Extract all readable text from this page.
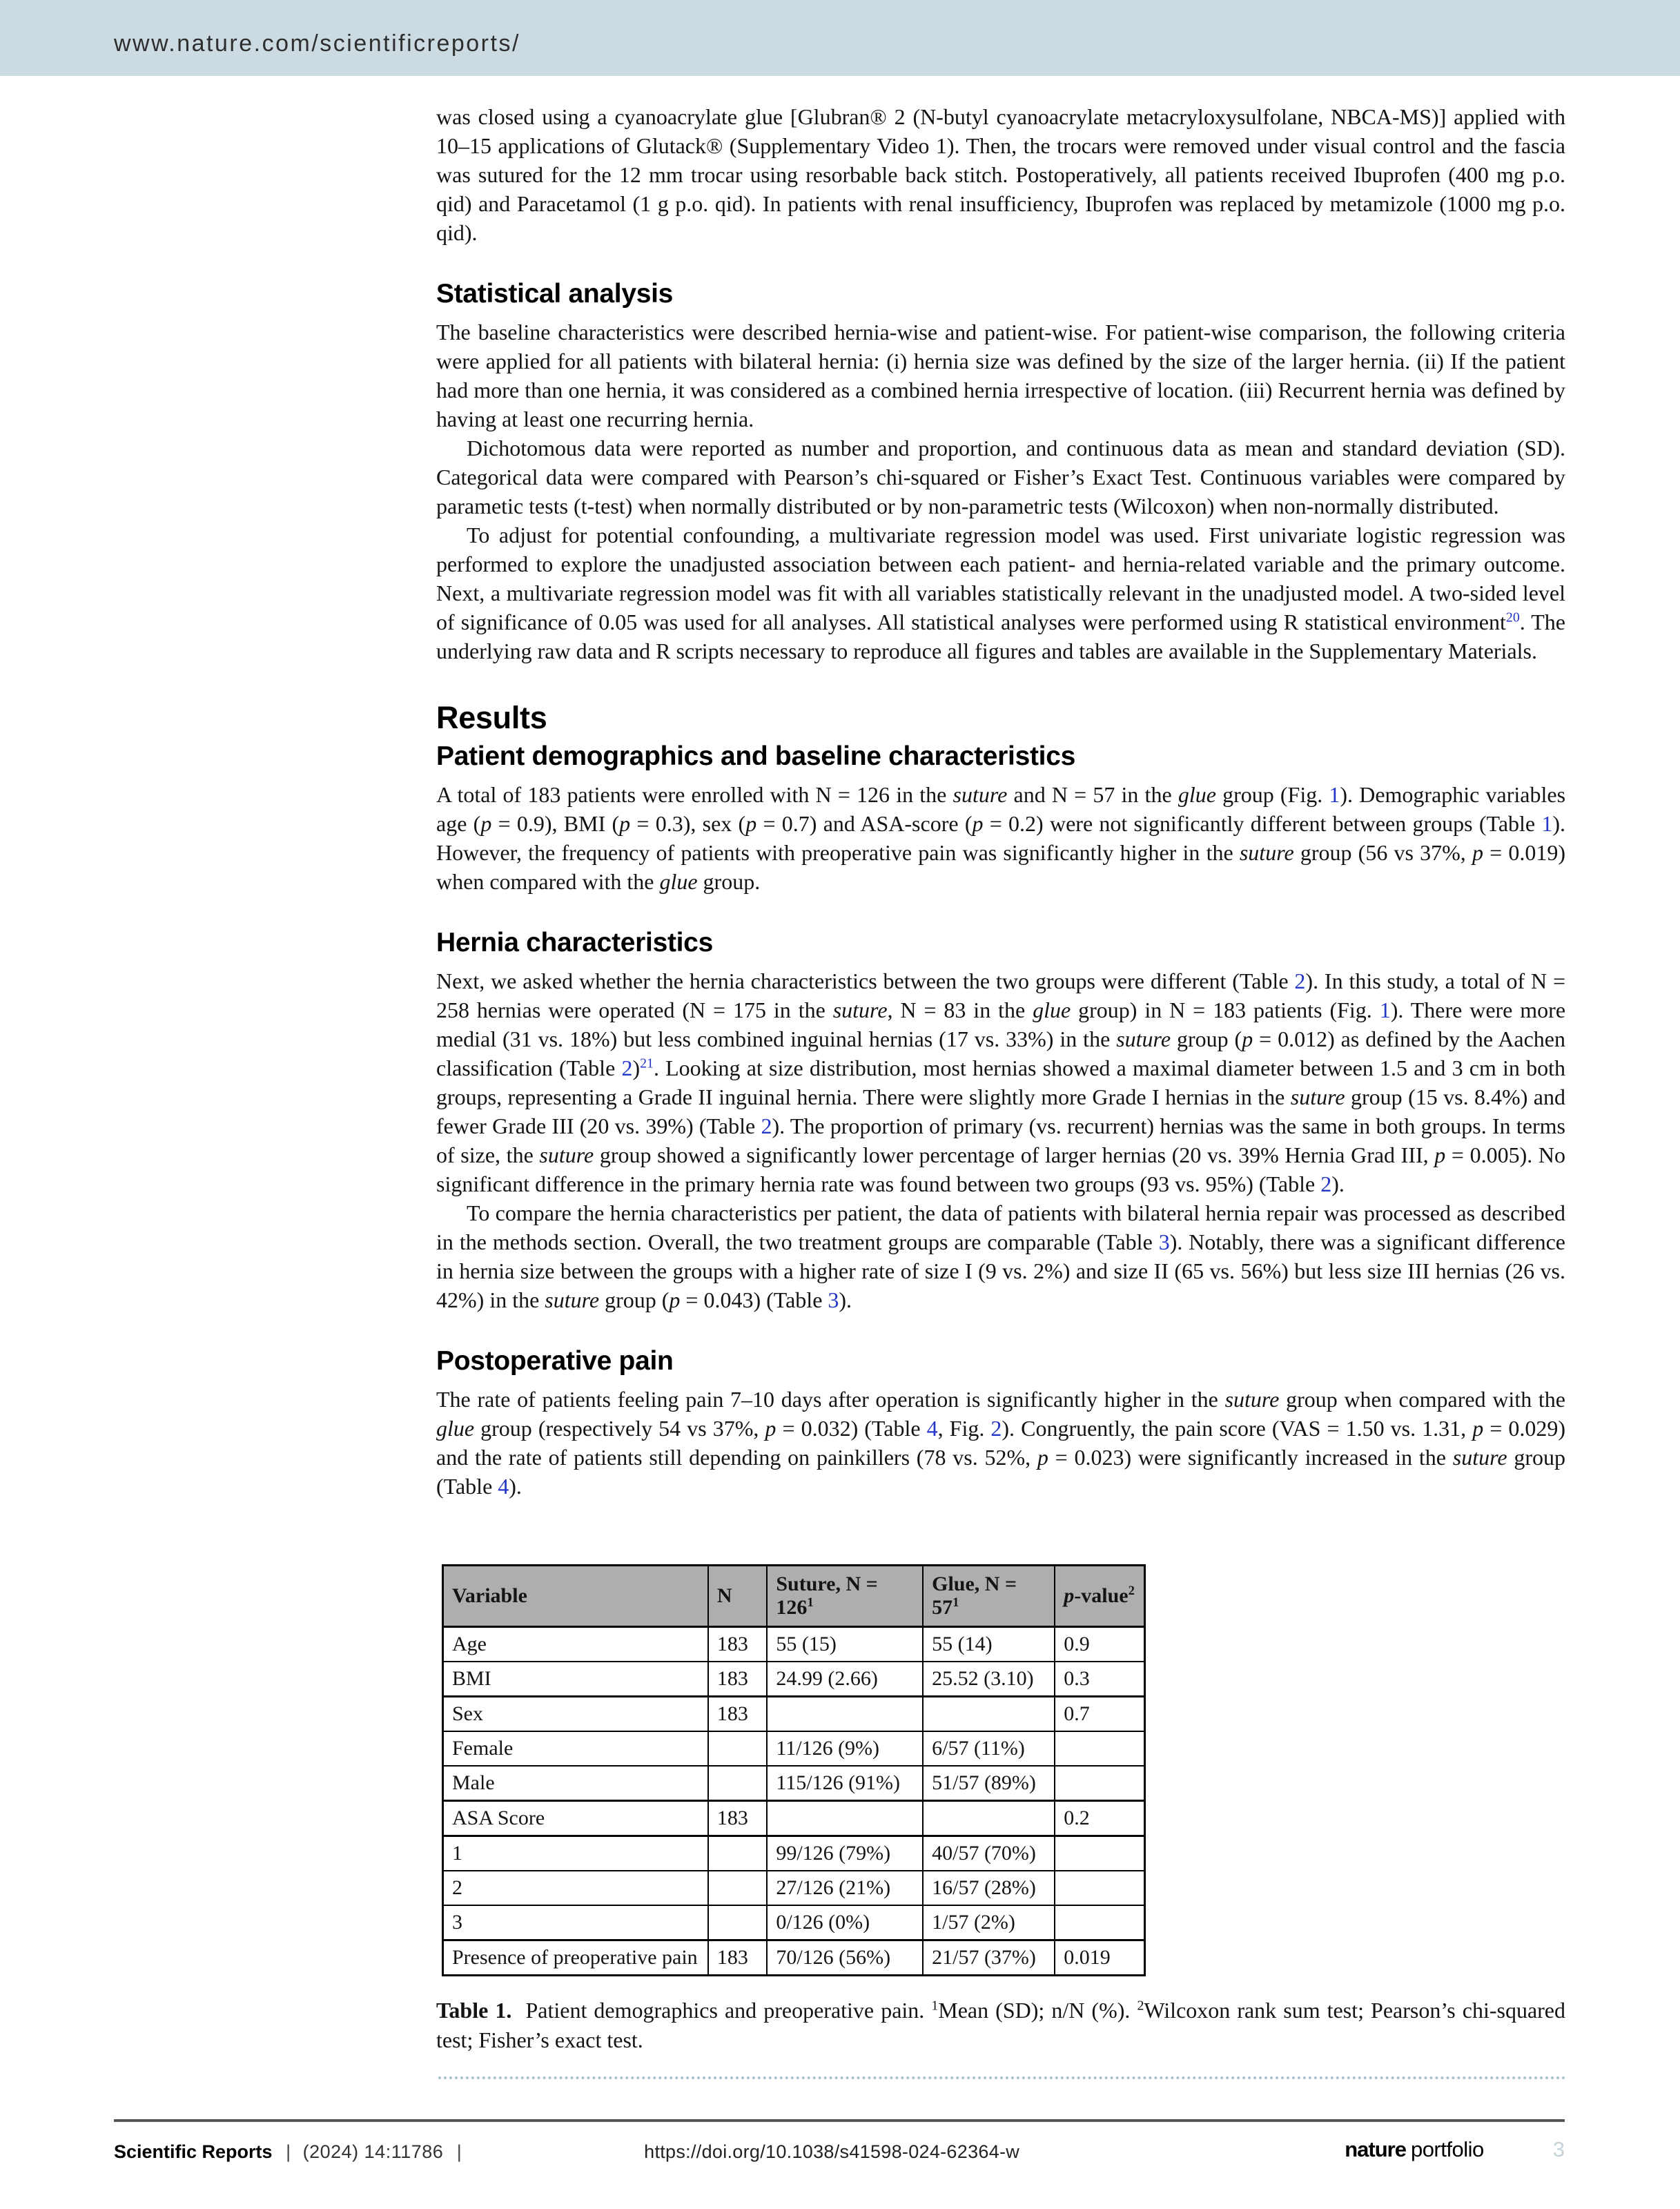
www.nature.com/scientificreports/

was closed using a cyanoacrylate glue [Glubran® 2 (N-butyl cyanoacrylate metacryloxysulfolane, NBCA-MS)] applied with 10–15 applications of Glutack® (Supplementary Video 1). Then, the trocars were removed under visual control and the fascia was sutured for the 12 mm trocar using resorbable back stitch. Postoperatively, all patients received Ibuprofen (400 mg p.o. qid) and Paracetamol (1 g p.o. qid). In patients with renal insufficiency, Ibuprofen was replaced by metamizole (1000 mg p.o. qid).

Statistical analysis

The baseline characteristics were described hernia-wise and patient-wise. For patient-wise comparison, the following criteria were applied for all patients with bilateral hernia: (i) hernia size was defined by the size of the larger hernia. (ii) If the patient had more than one hernia, it was considered as a combined hernia irrespective of location. (iii) Recurrent hernia was defined by having at least one recurring hernia.

Dichotomous data were reported as number and proportion, and continuous data as mean and standard deviation (SD). Categorical data were compared with Pearson’s chi-squared or Fisher’s Exact Test. Continuous variables were compared by parametic tests (t-test) when normally distributed or by non-parametric tests (Wilcoxon) when non-normally distributed.

To adjust for potential confounding, a multivariate regression model was used. First univariate logistic regression was performed to explore the unadjusted association between each patient- and hernia-related variable and the primary outcome. Next, a multivariate regression model was fit with all variables statistically relevant in the unadjusted model. A two-sided level of significance of 0.05 was used for all analyses. All statistical analyses were performed using R statistical environment$^{20}$. The underlying raw data and R scripts necessary to reproduce all figures and tables are available in the Supplementary Materials.

Results
Patient demographics and baseline characteristics

A total of 183 patients were enrolled with N = 126 in the suture and N = 57 in the glue group (Fig. 1). Demographic variables age (p = 0.9), BMI (p = 0.3), sex (p = 0.7) and ASA-score (p = 0.2) were not significantly different between groups (Table 1). However, the frequency of patients with preoperative pain was significantly higher in the suture group (56 vs 37%, p = 0.019) when compared with the glue group.

Hernia characteristics

Next, we asked whether the hernia characteristics between the two groups were different (Table 2). In this study, a total of N = 258 hernias were operated (N = 175 in the suture, N = 83 in the glue group) in N = 183 patients (Fig. 1). There were more medial (31 vs. 18%) but less combined inguinal hernias (17 vs. 33%) in the suture group (p = 0.012) as defined by the Aachen classification (Table 2)$^{21}$. Looking at size distribution, most hernias showed a maximal diameter between 1.5 and 3 cm in both groups, representing a Grade II inguinal hernia. There were slightly more Grade I hernias in the suture group (15 vs. 8.4%) and fewer Grade III (20 vs. 39%) (Table 2). The proportion of primary (vs. recurrent) hernias was the same in both groups. In terms of size, the suture group showed a significantly lower percentage of larger hernias (20 vs. 39% Hernia Grad III, p = 0.005). No significant difference in the primary hernia rate was found between two groups (93 vs. 95%) (Table 2).

To compare the hernia characteristics per patient, the data of patients with bilateral hernia repair was processed as described in the methods section. Overall, the two treatment groups are comparable (Table 3). Notably, there was a significant difference in hernia size between the groups with a higher rate of size I (9 vs. 2%) and size II (65 vs. 56%) but less size III hernias (26 vs. 42%) in the suture group (p = 0.043) (Table 3).

Postoperative pain

The rate of patients feeling pain 7–10 days after operation is significantly higher in the suture group when compared with the glue group (respectively 54 vs 37%, p = 0.032) (Table 4, Fig. 2). Congruently, the pain score (VAS = 1.50 vs. 1.31, p = 0.029) and the rate of patients still depending on painkillers (78 vs. 52%, p = 0.023) were significantly increased in the suture group (Table 4).

Variable	N	Suture, $N = 126^1$	Glue, $N = 57^1$	p-value$^2$
Age	183	55 (15)	55 (14)	0.9
BMI	183	24.99 (2.66)	25.52 (3.10)	0.3
Sex	183			0.7
Female		11/126 (9%)	6/57 (11%)	
Male		115/126 (91%)	51/57 (89%)	
ASA Score	183			0.2
1		99/126 (79%)	40/57 (70%)	
2		27/126 (21%)	16/57 (28%)	
3		0/126 (0%)	1/57 (2%)	
Presence of preoperative pain	183	70/126 (56%)	21/57 (37%)	0.019

Table 1.  Patient demographics and preoperative pain. $^1$Mean (SD); n/N (%). $^2$Wilcoxon rank sum test; Pearson’s chi-squared test; Fisher’s exact test.

Scientific Reports | (2024) 14:11786 |	https://doi.org/10.1038/s41598-024-62364-w	nature portfolio	3
